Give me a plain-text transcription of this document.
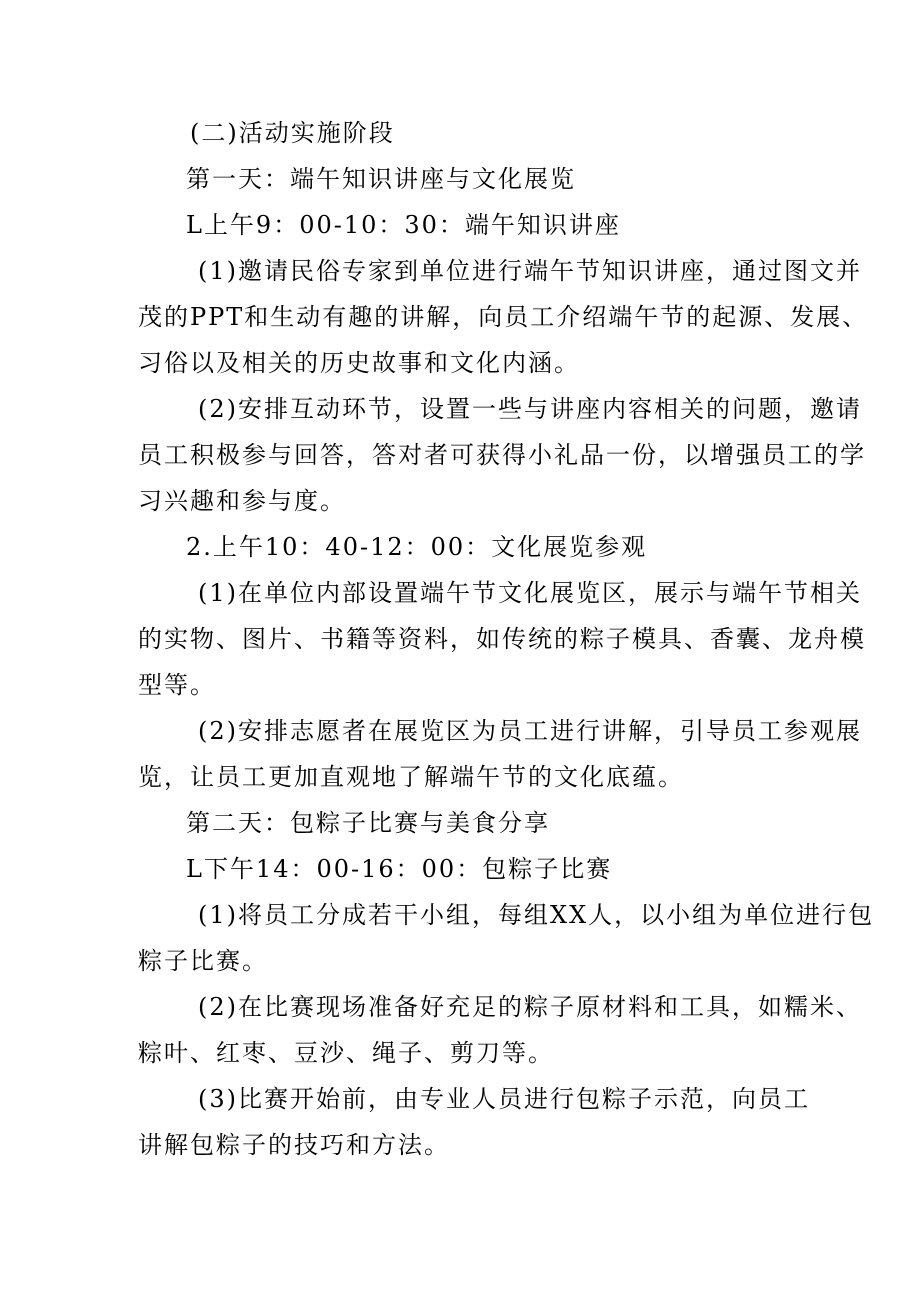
(二)活动实施阶段
第一天：端午知识讲座与文化展览
L上午9：00-10：30：端午知识讲座
(1)邀请民俗专家到单位进行端午节知识讲座，通过图文并
茂的PPT和生动有趣的讲解，向员工介绍端午节的起源、发展、
习俗以及相关的历史故事和文化内涵。
(2)安排互动环节，设置一些与讲座内容相关的问题，邀请
员工积极参与回答，答对者可获得小礼品一份，以增强员工的学
习兴趣和参与度。
2.上午10：40-12：00：文化展览参观
(1)在单位内部设置端午节文化展览区，展示与端午节相关
的实物、图片、书籍等资料，如传统的粽子模具、香囊、龙舟模
型等。
(2)安排志愿者在展览区为员工进行讲解，引导员工参观展
览，让员工更加直观地了解端午节的文化底蕴。
第二天：包粽子比赛与美食分享
L下午14：00-16：00：包粽子比赛
(1)将员工分成若干小组，每组XX人，以小组为单位进行包
粽子比赛。
(2)在比赛现场准备好充足的粽子原材料和工具，如糯米、
粽叶、红枣、豆沙、绳子、剪刀等。
(3)比赛开始前，由专业人员进行包粽子示范，向员工
讲解包粽子的技巧和方法。
